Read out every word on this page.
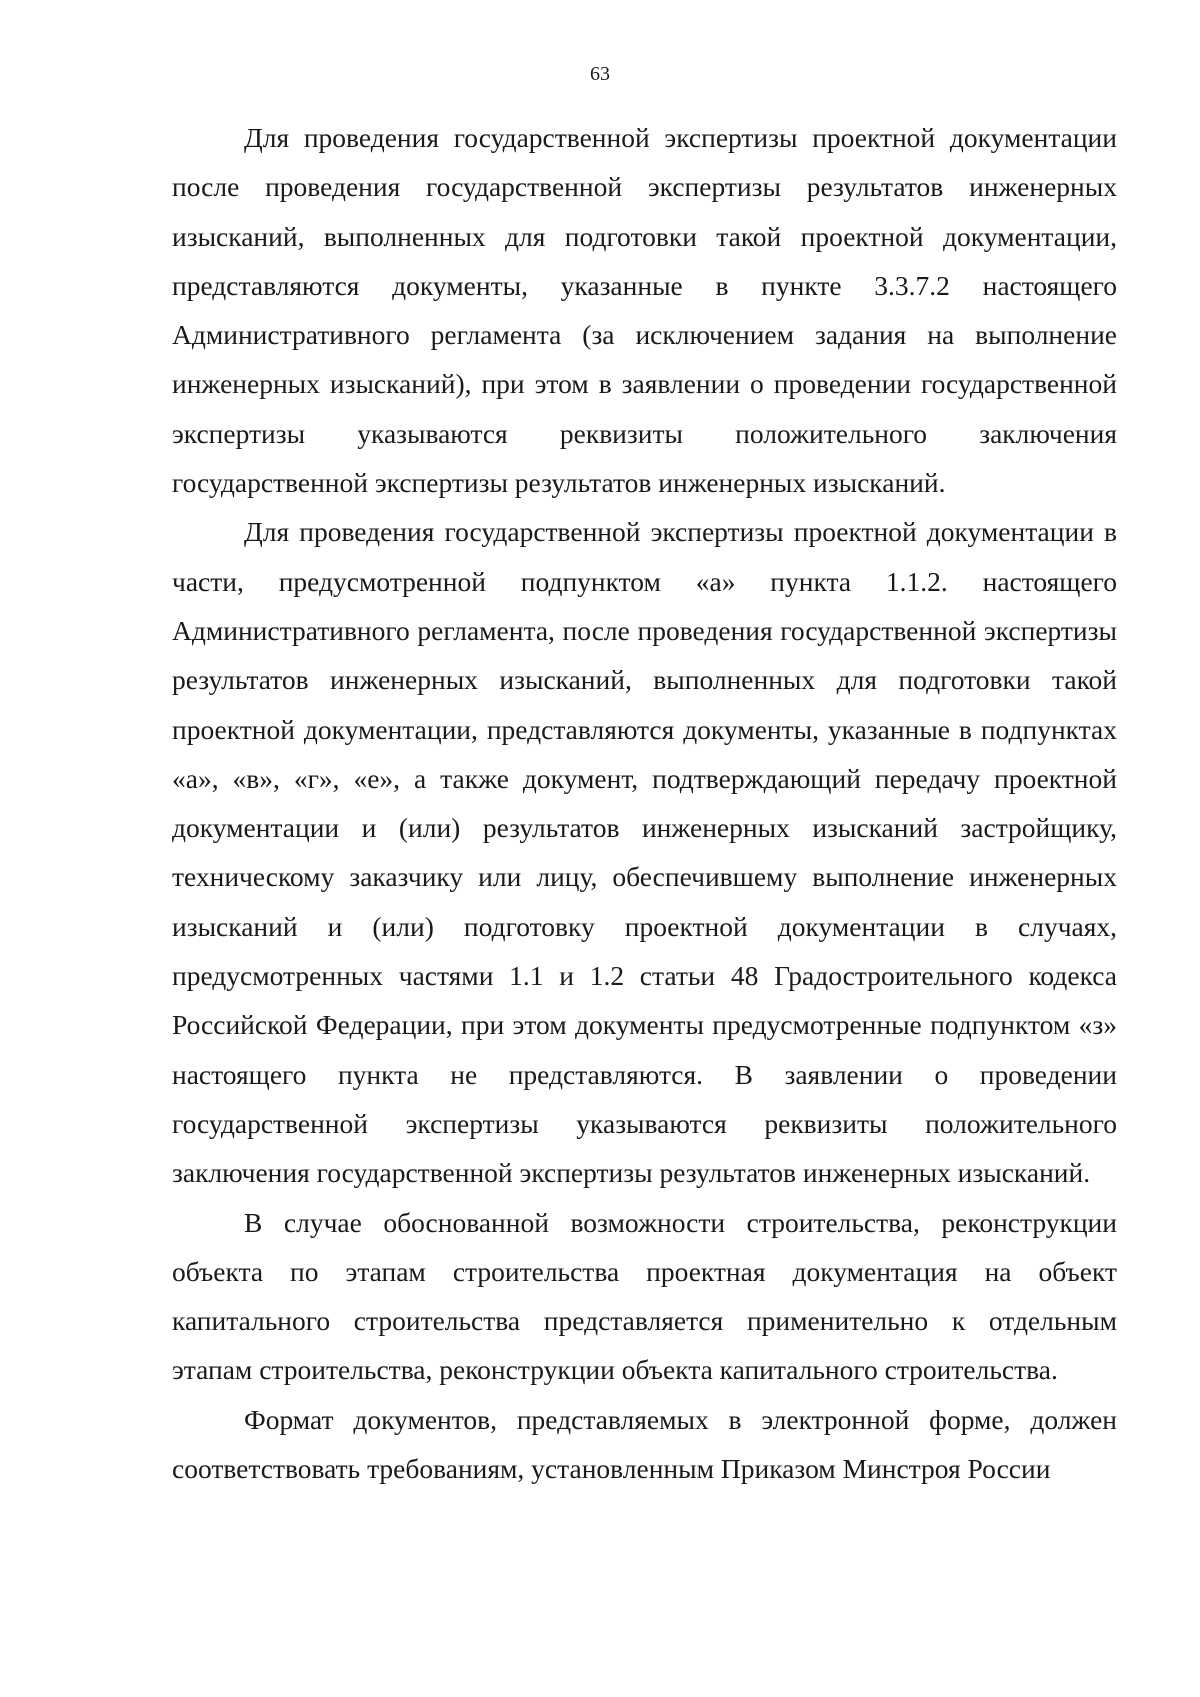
63

Для проведения государственной экспертизы проектной документации после проведения государственной экспертизы результатов инженерных изысканий, выполненных для подготовки такой проектной документации, представляются документы, указанные в пункте 3.3.7.2 настоящего Административного регламента (за исключением задания на выполнение инженерных изысканий), при этом в заявлении о проведении государственной экспертизы указываются реквизиты положительного заключения государственной экспертизы результатов инженерных изысканий.

Для проведения государственной экспертизы проектной документации в части, предусмотренной подпунктом «а» пункта 1.1.2. настоящего Административного регламента, после проведения государственной экспертизы результатов инженерных изысканий, выполненных для подготовки такой проектной документации, представляются документы, указанные в подпунктах «а», «в», «г», «е», а также документ, подтверждающий передачу проектной документации и (или) результатов инженерных изысканий застройщику, техническому заказчику или лицу, обеспечившему выполнение инженерных изысканий и (или) подготовку проектной документации в случаях, предусмотренных частями 1.1 и 1.2 статьи 48 Градостроительного кодекса Российской Федерации, при этом документы предусмотренные подпунктом «з» настоящего пункта не представляются. В заявлении о проведении государственной экспертизы указываются реквизиты положительного заключения государственной экспертизы результатов инженерных изысканий.

В случае обоснованной возможности строительства, реконструкции объекта по этапам строительства проектная документация на объект капитального строительства представляется применительно к отдельным этапам строительства, реконструкции объекта капитального строительства.

Формат документов, представляемых в электронной форме, должен соответствовать требованиям, установленным Приказом Минстроя России
